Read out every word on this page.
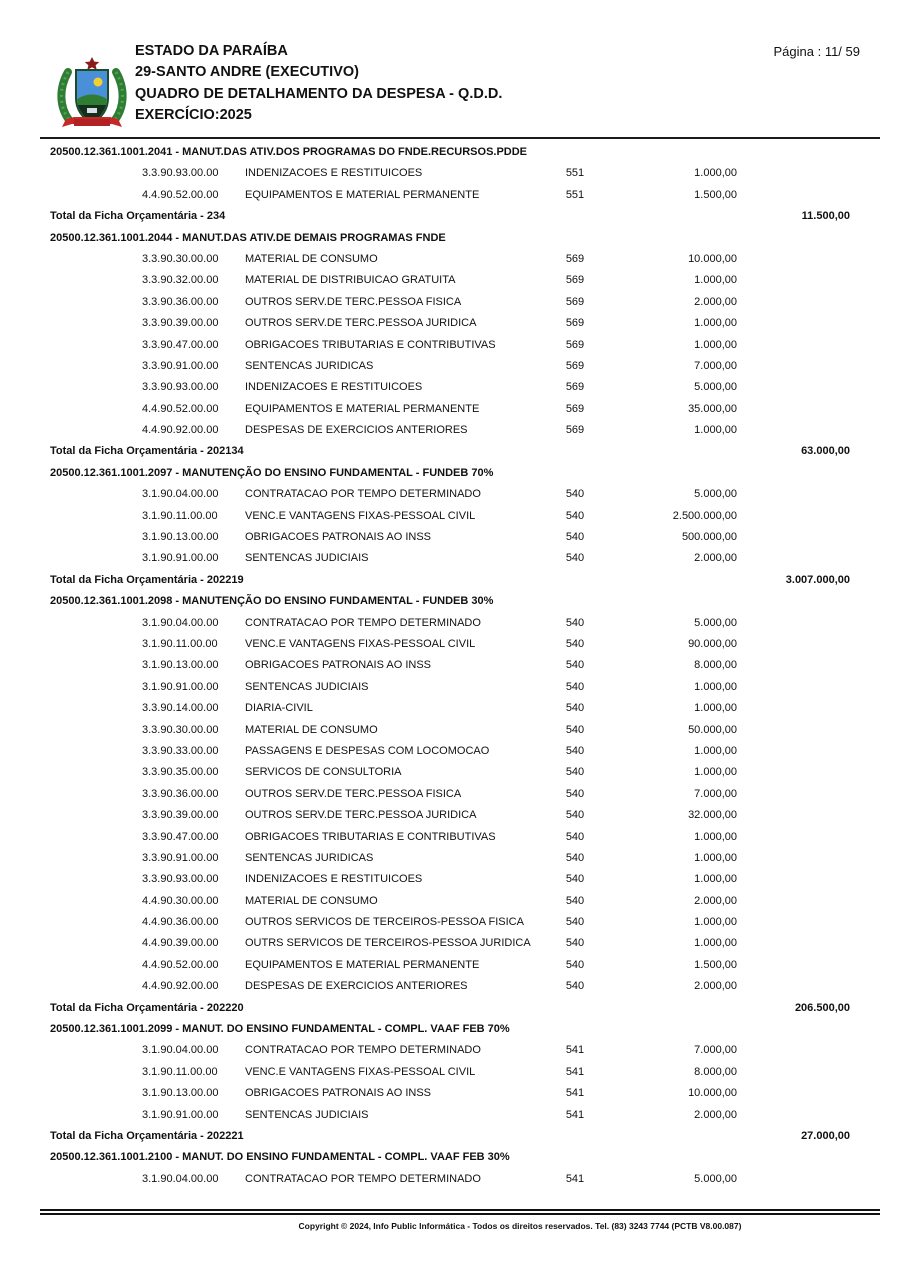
ESTADO DA PARAÍBA
29-SANTO ANDRE (EXECUTIVO)
QUADRO DE DETALHAMENTO DA DESPESA - Q.D.D.
EXERCÍCIO:2025
Página : 11/ 59
20500.12.361.1001.2041 - MANUT.DAS ATIV.DOS PROGRAMAS DO FNDE.RECURSOS.PDDE
3.3.90.93.00.00 INDENIZACOES E RESTITUICOES	551	1.000,00
4.4.90.52.00.00 EQUIPAMENTOS E MATERIAL PERMANENTE	551	1.500,00
Total da Ficha Orçamentária - 234	11.500,00
20500.12.361.1001.2044 - MANUT.DAS ATIV.DE DEMAIS PROGRAMAS FNDE
3.3.90.30.00.00 MATERIAL DE CONSUMO	569	10.000,00
3.3.90.32.00.00 MATERIAL DE DISTRIBUICAO GRATUITA	569	1.000,00
3.3.90.36.00.00 OUTROS SERV.DE TERC.PESSOA FISICA	569	2.000,00
3.3.90.39.00.00 OUTROS SERV.DE TERC.PESSOA JURIDICA	569	1.000,00
3.3.90.47.00.00 OBRIGACOES TRIBUTARIAS E CONTRIBUTIVAS	569	1.000,00
3.3.90.91.00.00 SENTENCAS JURIDICAS	569	7.000,00
3.3.90.93.00.00 INDENIZACOES E RESTITUICOES	569	5.000,00
4.4.90.52.00.00 EQUIPAMENTOS E MATERIAL PERMANENTE	569	35.000,00
4.4.90.92.00.00 DESPESAS DE EXERCICIOS ANTERIORES	569	1.000,00
Total da Ficha Orçamentária - 202134	63.000,00
20500.12.361.1001.2097 - MANUTENÇÃO DO ENSINO FUNDAMENTAL - FUNDEB 70%
3.1.90.04.00.00 CONTRATACAO POR TEMPO DETERMINADO	540	5.000,00
3.1.90.11.00.00 VENC.E VANTAGENS FIXAS-PESSOAL CIVIL	540	2.500.000,00
3.1.90.13.00.00 OBRIGACOES PATRONAIS AO INSS	540	500.000,00
3.1.90.91.00.00 SENTENCAS JUDICIAIS	540	2.000,00
Total da Ficha Orçamentária - 202219	3.007.000,00
20500.12.361.1001.2098 - MANUTENÇÃO DO ENSINO FUNDAMENTAL - FUNDEB 30%
3.1.90.04.00.00 CONTRATACAO POR TEMPO DETERMINADO	540	5.000,00
3.1.90.11.00.00 VENC.E VANTAGENS FIXAS-PESSOAL CIVIL	540	90.000,00
3.1.90.13.00.00 OBRIGACOES PATRONAIS AO INSS	540	8.000,00
3.1.90.91.00.00 SENTENCAS JUDICIAIS	540	1.000,00
3.3.90.14.00.00 DIARIA-CIVIL	540	1.000,00
3.3.90.30.00.00 MATERIAL DE CONSUMO	540	50.000,00
3.3.90.33.00.00 PASSAGENS E DESPESAS COM LOCOMOCAO	540	1.000,00
3.3.90.35.00.00 SERVICOS DE CONSULTORIA	540	1.000,00
3.3.90.36.00.00 OUTROS SERV.DE TERC.PESSOA FISICA	540	7.000,00
3.3.90.39.00.00 OUTROS SERV.DE TERC.PESSOA JURIDICA	540	32.000,00
3.3.90.47.00.00 OBRIGACOES TRIBUTARIAS E CONTRIBUTIVAS	540	1.000,00
3.3.90.91.00.00 SENTENCAS JURIDICAS	540	1.000,00
3.3.90.93.00.00 INDENIZACOES E RESTITUICOES	540	1.000,00
4.4.90.30.00.00 MATERIAL DE CONSUMO	540	2.000,00
4.4.90.36.00.00 OUTROS SERVICOS DE TERCEIROS-PESSOA FISICA	540	1.000,00
4.4.90.39.00.00 OUTRS SERVICOS DE TERCEIROS-PESSOA JURIDICA	540	1.000,00
4.4.90.52.00.00 EQUIPAMENTOS E MATERIAL PERMANENTE	540	1.500,00
4.4.90.92.00.00 DESPESAS DE EXERCICIOS ANTERIORES	540	2.000,00
Total da Ficha Orçamentária - 202220	206.500,00
20500.12.361.1001.2099 - MANUT. DO ENSINO FUNDAMENTAL - COMPL. VAAF FEB 70%
3.1.90.04.00.00 CONTRATACAO POR TEMPO DETERMINADO	541	7.000,00
3.1.90.11.00.00 VENC.E VANTAGENS FIXAS-PESSOAL CIVIL	541	8.000,00
3.1.90.13.00.00 OBRIGACOES PATRONAIS AO INSS	541	10.000,00
3.1.90.91.00.00 SENTENCAS JUDICIAIS	541	2.000,00
Total da Ficha Orçamentária - 202221	27.000,00
20500.12.361.1001.2100 - MANUT. DO ENSINO FUNDAMENTAL - COMPL. VAAF FEB 30%
3.1.90.04.00.00 CONTRATACAO POR TEMPO DETERMINADO	541	5.000,00
Copyright © 2024, Info Public Informática - Todos os direitos reservados. Tel. (83) 3243 7744 (PCTB V8.00.087)
